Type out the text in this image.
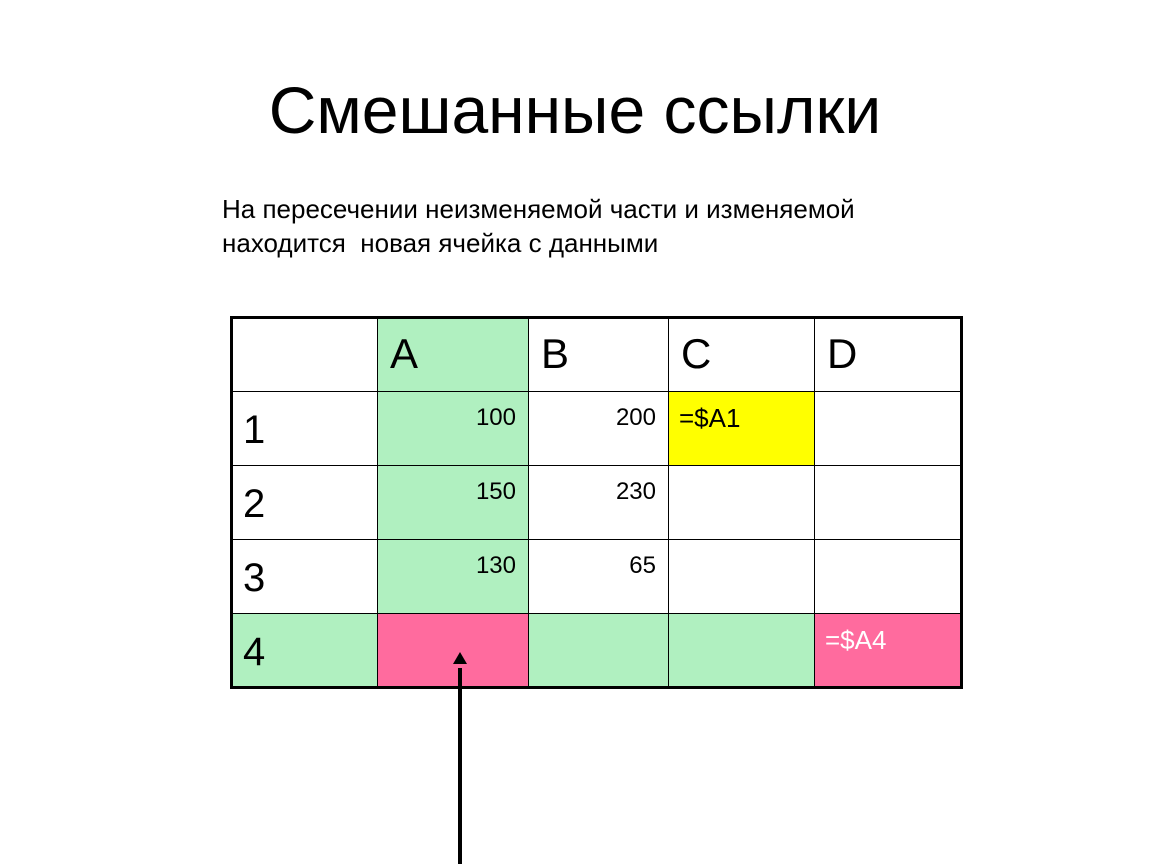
Смешанные ссылки
На пересечении неизменяемой части и изменяемой
находится  новая ячейка с данными
	A	B	C	D
1	100	200	=$A1	
2	150	230		
3	130	65		
4				=$A4
